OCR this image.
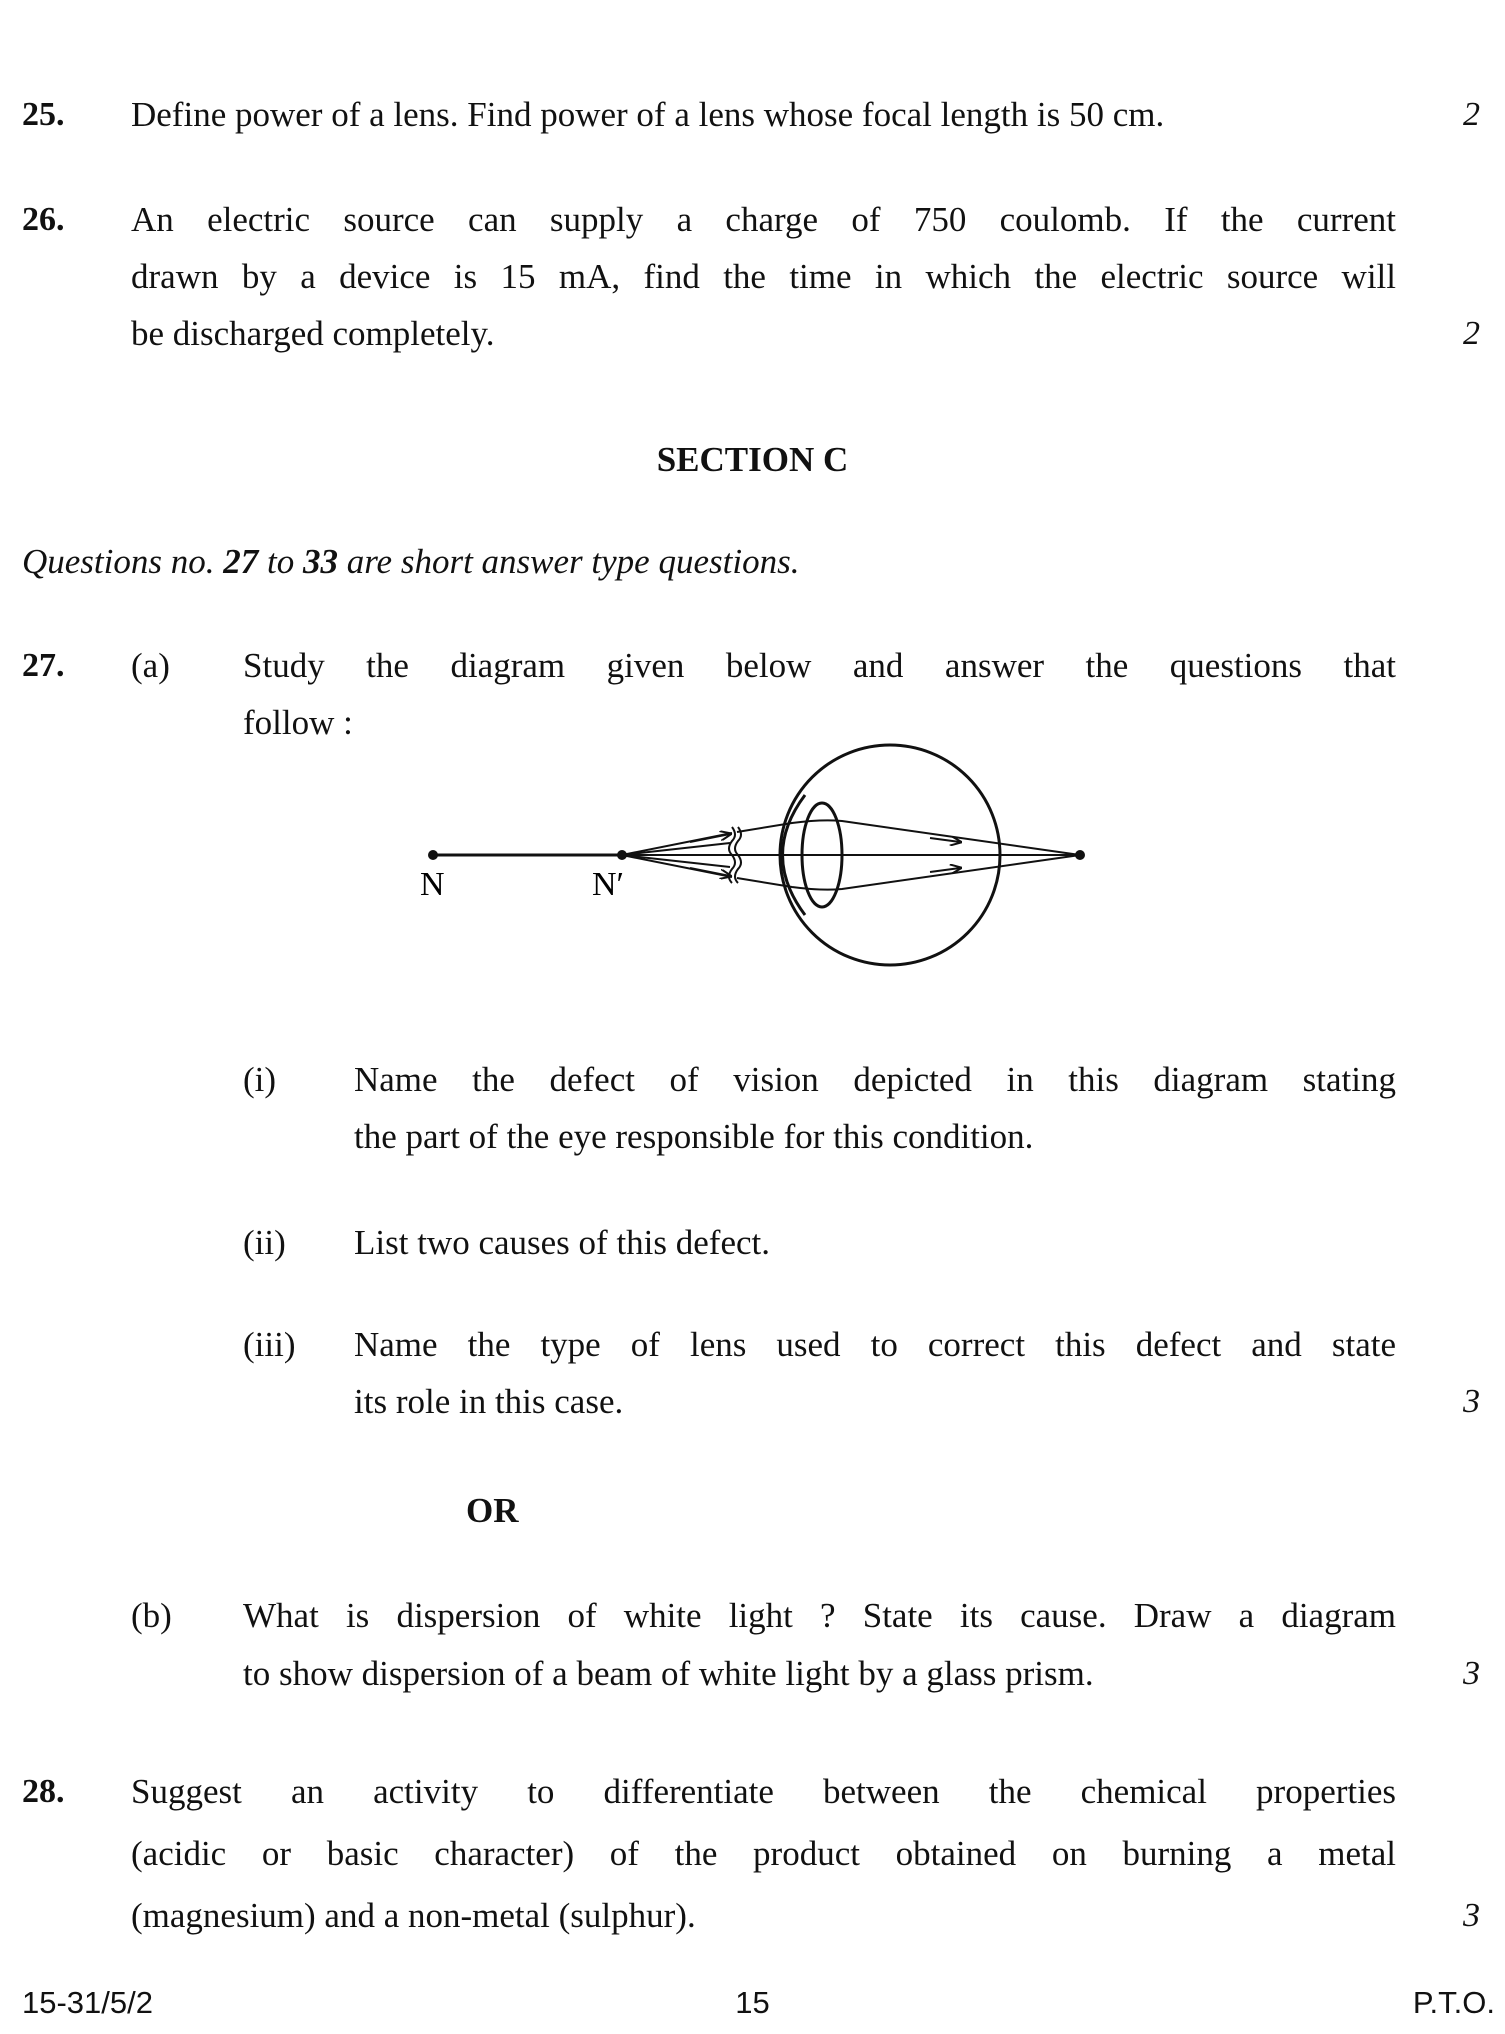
25. Define power of a lens. Find power of a lens whose focal length is 50 cm.	2
26. An electric source can supply a charge of 750 coulomb. If the current
drawn by a device is 15 mA, find the time in which the electric source will
be discharged completely.	2
SECTION C
Questions no. 27 to 33 are short answer type questions.
27. (a) Study the diagram given below and answer the questions that
follow :
N	N′
(i) Name the defect of vision depicted in this diagram stating
the part of the eye responsible for this condition.
(ii) List two causes of this defect.
(iii) Name the type of lens used to correct this defect and state
its role in this case.	3
OR
(b) What is dispersion of white light ? State its cause. Draw a diagram
to show dispersion of a beam of white light by a glass prism.	3
28. Suggest an activity to differentiate between the chemical properties
(acidic or basic character) of the product obtained on burning a metal
(magnesium) and a non-metal (sulphur).	3
15-31/5/2	15	P.T.O.
